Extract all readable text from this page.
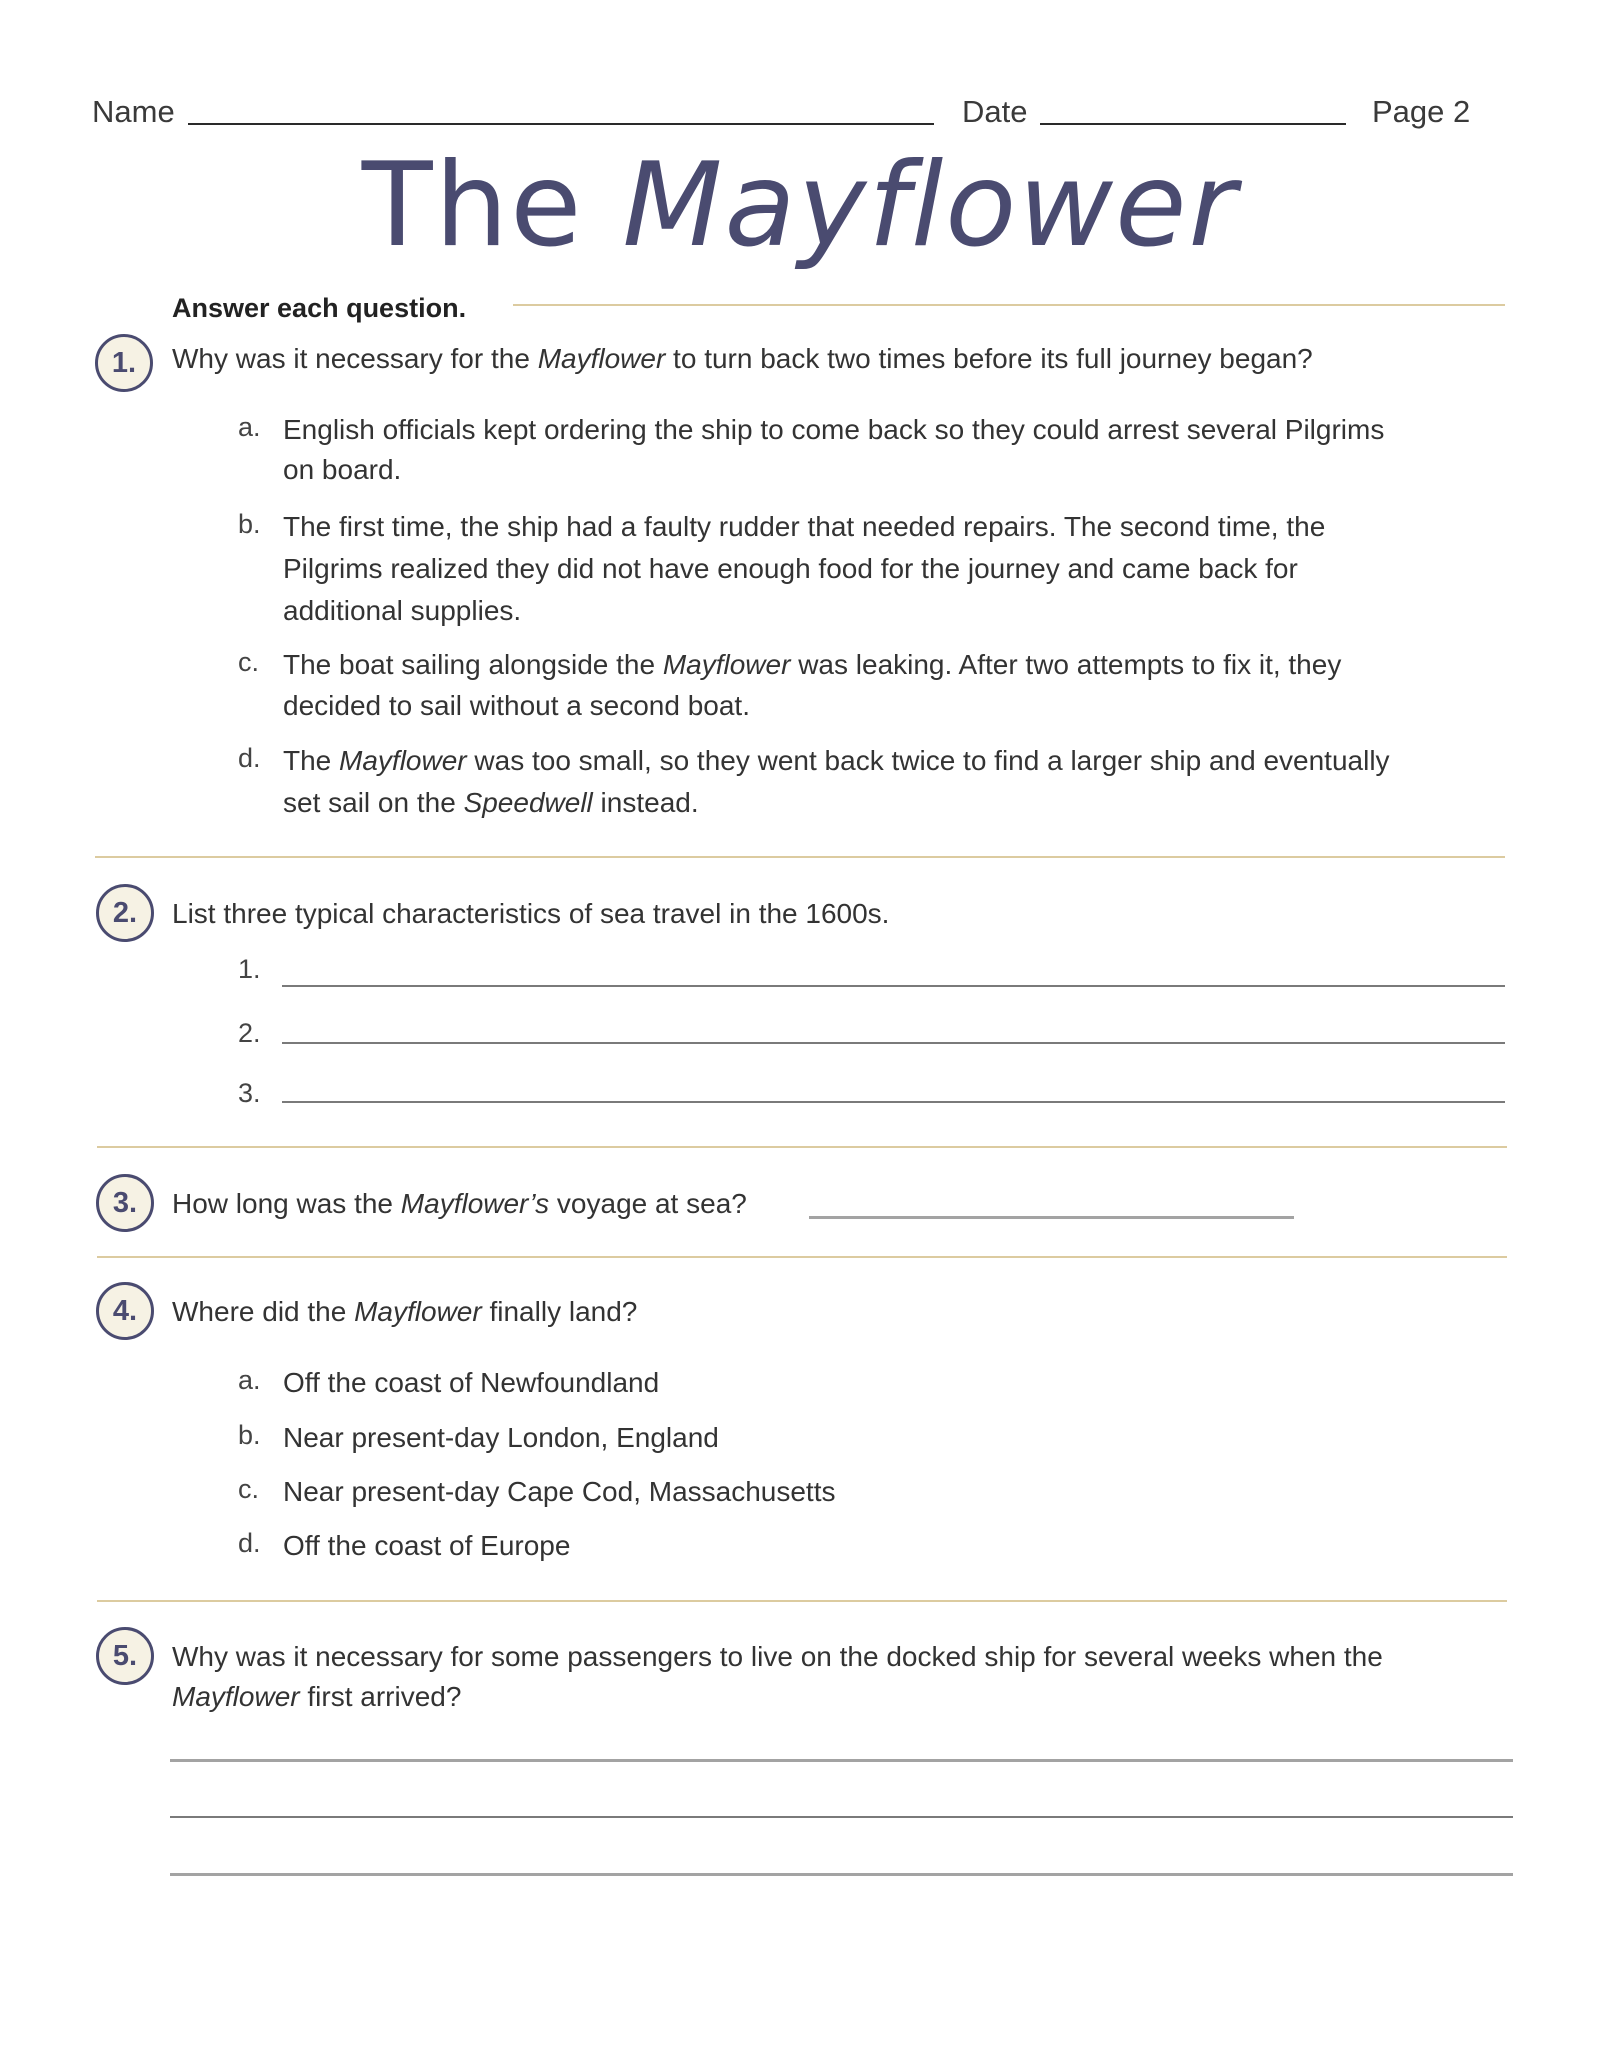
Name	Date	Page 2
The Mayflower
Answer each question.
1.	Why was it necessary for the Mayflower to turn back two times before its full journey began?
a. English officials kept ordering the ship to come back so they could arrest several Pilgrims
on board.
b. The first time, the ship had a faulty rudder that needed repairs. The second time, the
Pilgrims realized they did not have enough food for the journey and came back for
additional supplies.
c. The boat sailing alongside the Mayflower was leaking. After two attempts to fix it, they
decided to sail without a second boat.
d. The Mayflower was too small, so they went back twice to find a larger ship and eventually
set sail on the Speedwell instead.
2.	List three typical characteristics of sea travel in the 1600s.
1.
2.
3.
3.	How long was the Mayflower’s voyage at sea?
4.	Where did the Mayflower finally land?
a. Off the coast of Newfoundland
b. Near present-day London, England
c. Near present-day Cape Cod, Massachusetts
d. Off the coast of Europe
5.	Why was it necessary for some passengers to live on the docked ship for several weeks when the
Mayflower first arrived?
